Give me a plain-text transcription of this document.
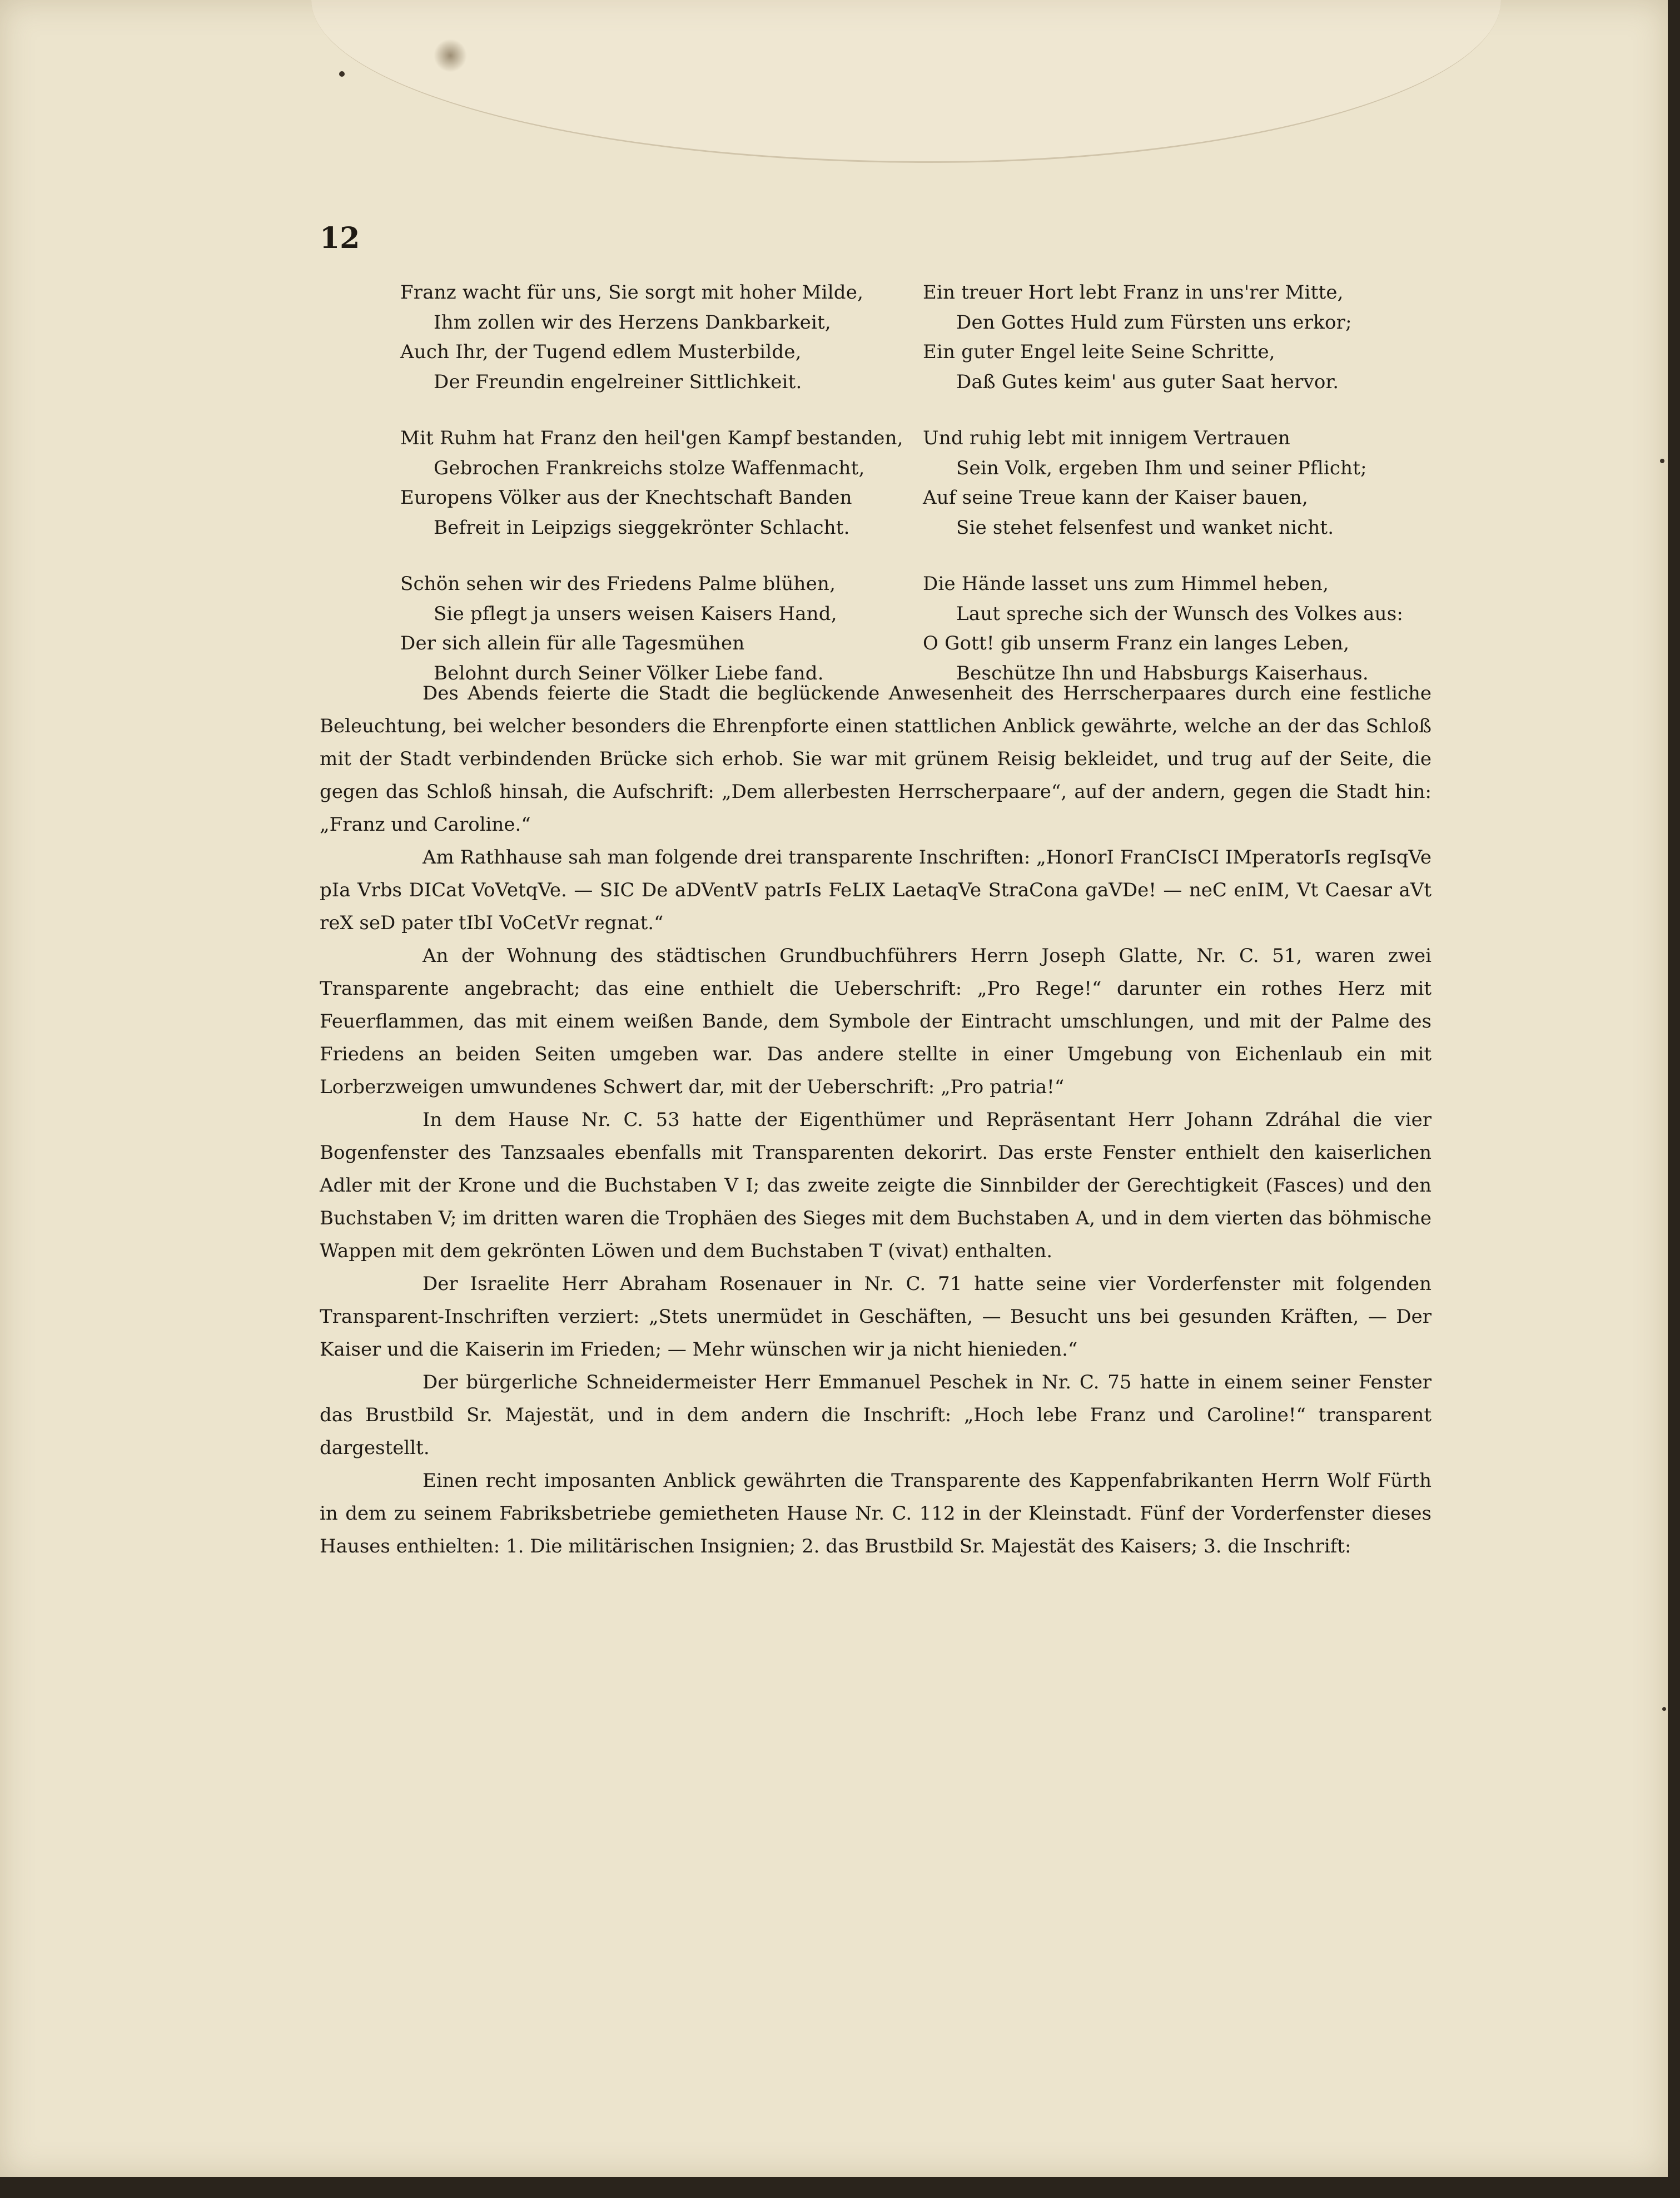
12
Franz wacht für uns, Sie sorgt mit hoher Milde,
Ihm zollen wir des Herzens Dankbarkeit,
Auch Ihr, der Tugend edlem Musterbilde,
Der Freundin engelreiner Sittlichkeit.
Mit Ruhm hat Franz den heil'gen Kampf bestanden,
Gebrochen Frankreichs stolze Waffenmacht,
Europens Völker aus der Knechtschaft Banden
Befreit in Leipzigs sieggekrönter Schlacht.
Schön sehen wir des Friedens Palme blühen,
Sie pflegt ja unsers weisen Kaisers Hand,
Der sich allein für alle Tagesmühen
Belohnt durch Seiner Völker Liebe fand.
Ein treuer Hort lebt Franz in uns'rer Mitte,
Den Gottes Huld zum Fürsten uns erkor;
Ein guter Engel leite Seine Schritte,
Daß Gutes keim' aus guter Saat hervor.
Und ruhig lebt mit innigem Vertrauen
Sein Volk, ergeben Ihm und seiner Pflicht;
Auf seine Treue kann der Kaiser bauen,
Sie stehet felsenfest und wanket nicht.
Die Hände lasset uns zum Himmel heben,
Laut spreche sich der Wunsch des Volkes aus:
O Gott! gib unserm Franz ein langes Leben,
Beschütze Ihn und Habsburgs Kaiserhaus.

Des Abends feierte die Stadt die beglückende Anwesenheit des Herrscherpaares durch eine festliche Beleuchtung, bei welcher besonders die Ehrenpforte einen stattlichen Anblick gewährte, welche an der das Schloß mit der Stadt verbindenden Brücke sich erhob. Sie war mit grünem Reisig bekleidet, und trug auf der Seite, die gegen das Schloß hinsah, die Aufschrift: „Dem allerbesten Herrscherpaare“, auf der andern, gegen die Stadt hin: „Franz und Caroline.“

Am Rathhause sah man folgende drei transparente Inschriften: „HonorI FranCIsCI IMperatorIs regIsqVe pIa Vrbs DICat VoVetqVe. — SIC De aDVentV patrIs FeLIX LaetaqVe StraCona gaVDe! — neC enIM, Vt Caesar aVt reX seD pater tIbI VoCetVr regnat.“

An der Wohnung des städtischen Grundbuchführers Herrn Joseph Glatte, Nr. C. 51, waren zwei Transparente angebracht; das eine enthielt die Ueberschrift: „Pro Rege!“ darunter ein rothes Herz mit Feuerflammen, das mit einem weißen Bande, dem Symbole der Eintracht umschlungen, und mit der Palme des Friedens an beiden Seiten umgeben war. Das andere stellte in einer Umgebung von Eichenlaub ein mit Lorberzweigen umwundenes Schwert dar, mit der Ueberschrift: „Pro patria!“

In dem Hause Nr. C. 53 hatte der Eigenthümer und Repräsentant Herr Johann Zdráhal die vier Bogenfenster des Tanzsaales ebenfalls mit Transparenten dekorirt. Das erste Fenster enthielt den kaiserlichen Adler mit der Krone und die Buchstaben V I; das zweite zeigte die Sinnbilder der Gerechtigkeit (Fasces) und den Buchstaben V; im dritten waren die Trophäen des Sieges mit dem Buchstaben A, und in dem vierten das böhmische Wappen mit dem gekrönten Löwen und dem Buchstaben T (vivat) enthalten.

Der Israelite Herr Abraham Rosenauer in Nr. C. 71 hatte seine vier Vorderfenster mit folgenden Transparent-Inschriften verziert: „Stets unermüdet in Geschäften, — Besucht uns bei gesunden Kräften, — Der Kaiser und die Kaiserin im Frieden; — Mehr wünschen wir ja nicht hienieden.“

Der bürgerliche Schneidermeister Herr Emmanuel Peschek in Nr. C. 75 hatte in einem seiner Fenster das Brustbild Sr. Majestät, und in dem andern die Inschrift: „Hoch lebe Franz und Caroline!“ transparent dargestellt.

Einen recht imposanten Anblick gewährten die Transparente des Kappenfabrikanten Herrn Wolf Fürth in dem zu seinem Fabriksbetriebe gemietheten Hause Nr. C. 112 in der Kleinstadt. Fünf der Vorderfenster dieses Hauses enthielten: 1. Die militärischen Insignien; 2. das Brustbild Sr. Majestät des Kaisers; 3. die Inschrift:
